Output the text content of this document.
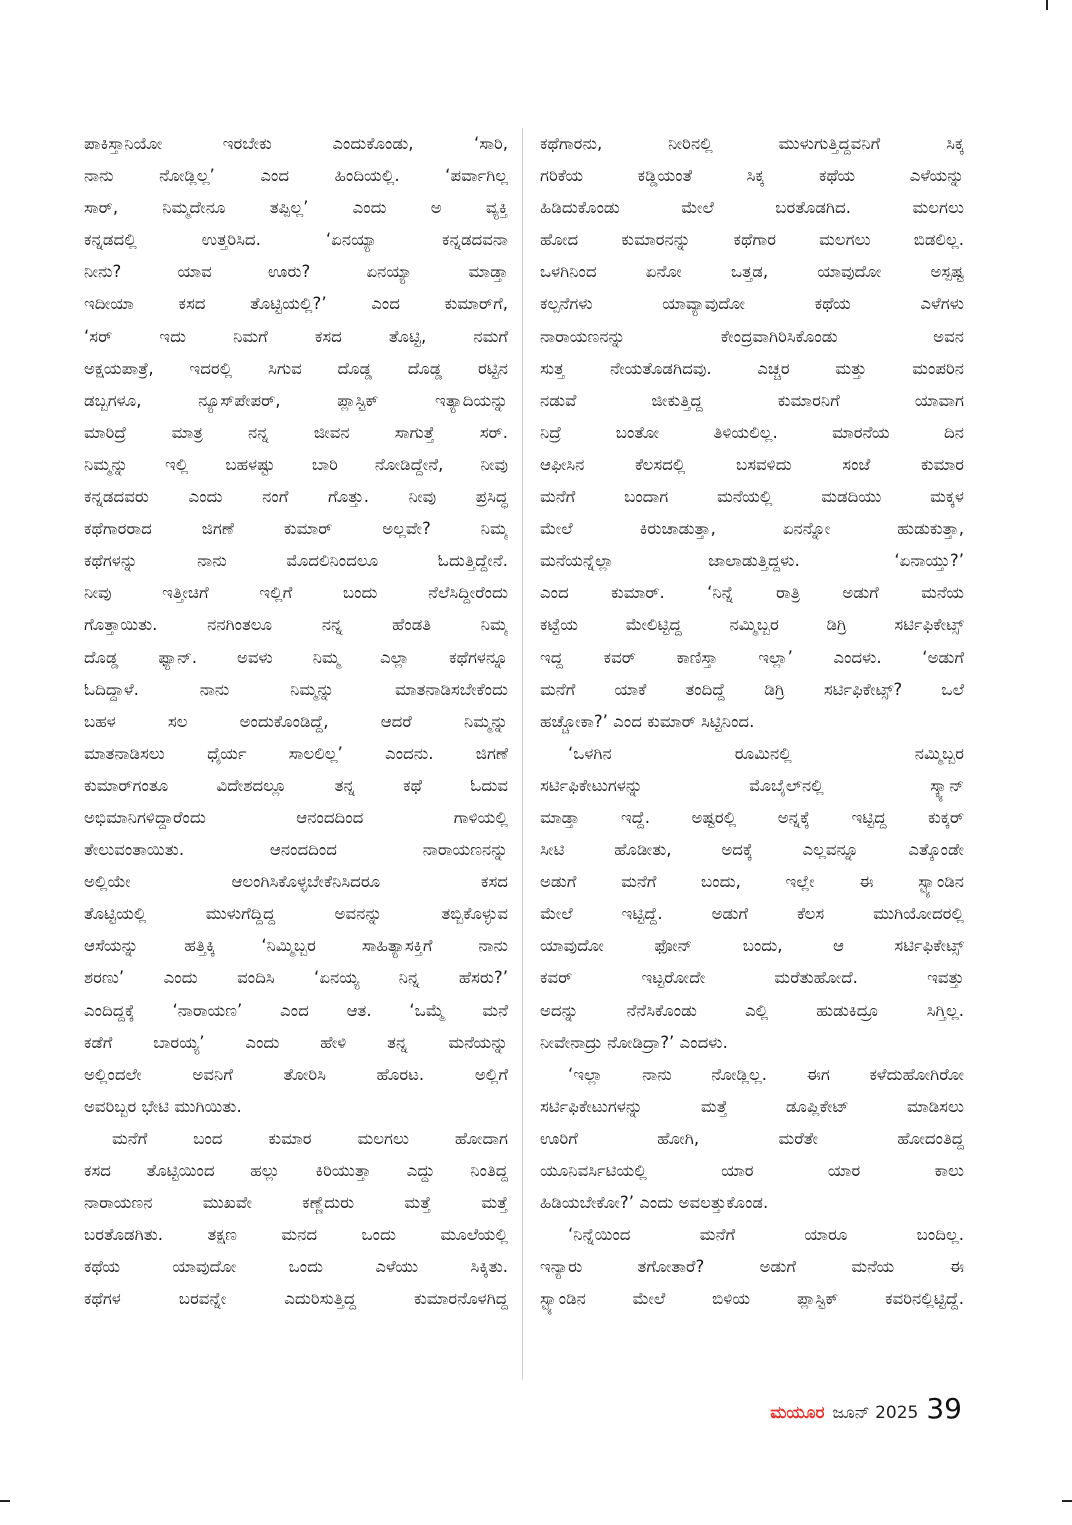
ಪಾಕಿಸ್ತಾನಿಯೋ ಇರಬೇಕು ಎಂದುಕೊಂಡು, ‘ಸಾರಿ,
ನಾನು ನೋಡ್ಲಿಲ್ಲ’ ಎಂದ ಹಿಂದಿಯಲ್ಲಿ. ‘ಪರ್ವಾಗಿಲ್ಲ
ಸಾರ್, ನಿಮ್ಮದೇನೂ ತಪ್ಪಿಲ್ಲ’ ಎಂದು ಅ ವ್ಯಕ್ತಿ
ಕನ್ನಡದಲ್ಲಿ ಉತ್ತರಿಸಿದ. ‘ಏನಯ್ಯಾ ಕನ್ನಡದವನಾ
ನೀನು? ಯಾವ ಊರು? ಏನಯ್ಯಾ ಮಾಡ್ತಾ
ಇದೀಯಾ ಕಸದ ತೊಟ್ಟಿಯಲ್ಲಿ?’ ಎಂದ ಕುಮಾರ್‌ಗೆ,
‘ಸರ್ ಇದು ನಿಮಗೆ ಕಸದ ತೊಟ್ಟಿ, ನಮಗೆ
ಅಕ್ಷಯಪಾತ್ರೆ, ಇದರಲ್ಲಿ ಸಿಗುವ ದೊಡ್ಡ ದೊಡ್ಡ ರಟ್ಟಿನ
ಡಬ್ಬಗಳೂ, ನ್ಯೂಸ್‌ಪೇಪರ್, ಪ್ಲಾಸ್ಟಿಕ್ ಇತ್ಯಾದಿಯನ್ನು
ಮಾರಿದ್ರೆ ಮಾತ್ರ ನನ್ನ ಜೀವನ ಸಾಗುತ್ತೆ ಸರ್.
ನಿಮ್ಮನ್ನು ಇಲ್ಲಿ ಬಹಳಷ್ಟು ಬಾರಿ ನೋಡಿದ್ದೇನೆ, ನೀವು
ಕನ್ನಡದವರು ಎಂದು ನಂಗೆ ಗೊತ್ತು. ನೀವು ಪ್ರಸಿದ್ಧ
ಕಥೆಗಾರರಾದ ಜಿಗಣೆ ಕುಮಾರ್ ಅಲ್ಲವೇ? ನಿಮ್ಮ
ಕಥೆಗಳನ್ನು ನಾನು ಮೊದಲಿನಿಂದಲೂ ಓದುತ್ತಿದ್ದೇನೆ.
ನೀವು ಇತ್ತೀಚಿಗೆ ಇಲ್ಲಿಗೆ ಬಂದು ನೆಲೆಸಿದ್ದೀರೆಂದು
ಗೊತ್ತಾಯಿತು. ನನಗಿಂತಲೂ ನನ್ನ ಹೆಂಡತಿ ನಿಮ್ಮ
ದೊಡ್ಡ ಫ್ಯಾನ್. ಅವಳು ನಿಮ್ಮ ಎಲ್ಲಾ ಕಥೆಗಳನ್ನೂ
ಓದಿದ್ದಾಳೆ. ನಾನು ನಿಮ್ಮನ್ನು ಮಾತನಾಡಿಸಬೇಕೆಂದು
ಬಹಳ ಸಲ ಅಂದುಕೊಂಡಿದ್ದೆ, ಆದರೆ ನಿಮ್ಮನ್ನು
ಮಾತನಾಡಿಸಲು ಧೈರ್ಯ ಸಾಲಲಿಲ್ಲ’ ಎಂದನು. ಜಿಗಣೆ
ಕುಮಾರ್‌ಗಂತೂ ವಿದೇಶದಲ್ಲೂ ತನ್ನ ಕಥೆ ಓದುವ
ಅಭಿಮಾನಿಗಳಿದ್ದಾರೆಂದು ಆನಂದದಿಂದ ಗಾಳಿಯಲ್ಲಿ
ತೇಲುವಂತಾಯಿತು. ಆನಂದದಿಂದ ನಾರಾಯಣನನ್ನು
ಅಲ್ಲಿಯೇ ಆಲಂಗಿಸಿಕೊಳ್ಳಬೇಕೆನಿಸಿದರೂ ಕಸದ
ತೊಟ್ಟಿಯಲ್ಲಿ ಮುಳುಗೆದ್ದಿದ್ದ ಅವನನ್ನು ತಬ್ಬಿಕೊಳ್ಳುವ
ಆಸೆಯನ್ನು ಹತ್ತಿಕ್ಕಿ ‘ನಿಮ್ಮಿಬ್ಬರ ಸಾಹಿತ್ಯಾಸಕ್ತಿಗೆ ನಾನು
ಶರಣು’ ಎಂದು ವಂದಿಸಿ ‘ಏನಯ್ಯ ನಿನ್ನ ಹೆಸರು?’
ಎಂದಿದ್ದಕ್ಕೆ ‘ನಾರಾಯಣ’ ಎಂದ ಆತ. ‘ಒಮ್ಮೆ ಮನೆ
ಕಡೆಗೆ ಬಾರಯ್ಯ’ ಎಂದು ಹೇಳಿ ತನ್ನ ಮನೆಯನ್ನು
ಅಲ್ಲಿಂದಲೇ ಅವನಿಗೆ ತೋರಿಸಿ ಹೊರಟ. ಅಲ್ಲಿಗೆ
ಅವರಿಬ್ಬರ ಭೇಟಿ ಮುಗಿಯಿತು.
ಮನೆಗೆ ಬಂದ ಕುಮಾರ ಮಲಗಲು ಹೋದಾಗ
ಕಸದ ತೊಟ್ಟಿಯಿಂದ ಹಲ್ಲು ಕಿರಿಯುತ್ತಾ ಎದ್ದು ನಿಂತಿದ್ದ
ನಾರಾಯಣನ ಮುಖವೇ ಕಣ್ಣೆದುರು ಮತ್ತೆ ಮತ್ತೆ
ಬರತೊಡಗಿತು. ತಕ್ಷಣ ಮನದ ಒಂದು ಮೂಲೆಯಲ್ಲಿ
ಕಥೆಯ ಯಾವುದೋ ಒಂದು ಎಳೆಯು ಸಿಕ್ಕಿತು.
ಕಥೆಗಳ ಬರವನ್ನೇ ಎದುರಿಸುತ್ತಿದ್ದ ಕುಮಾರನೊಳಗಿದ್ದ
ಕಥೆಗಾರನು, ನೀರಿನಲ್ಲಿ ಮುಳುಗುತ್ತಿದ್ದವನಿಗೆ ಸಿಕ್ಕ
ಗರಿಕೆಯ ಕಡ್ಡಿಯಂತೆ ಸಿಕ್ಕ ಕಥೆಯ ಎಳೆಯನ್ನು
ಹಿಡಿದುಕೊಂಡು ಮೇಲೆ ಬರತೊಡಗಿದ. ಮಲಗಲು
ಹೋದ ಕುಮಾರನನ್ನು ಕಥೆಗಾರ ಮಲಗಲು ಬಿಡಲಿಲ್ಲ.
ಒಳಗಿನಿಂದ ಏನೋ ಒತ್ತಡ, ಯಾವುದೋ ಅಸ್ಪಷ್ಟ
ಕಲ್ಪನೆಗಳು ಯಾವ್ಯಾವುದೋ ಕಥೆಯ ಎಳೆಗಳು
ನಾರಾಯಣನನ್ನು ಕೇಂದ್ರವಾಗಿರಿಸಿಕೊಂಡು ಅವನ
ಸುತ್ತ ನೇಯತೊಡಗಿದವು. ಎಚ್ಚರ ಮತ್ತು ಮಂಪರಿನ
ನಡುವೆ ಜೀಕುತ್ತಿದ್ದ ಕುಮಾರನಿಗೆ ಯಾವಾಗ
ನಿದ್ರೆ ಬಂತೋ ತಿಳಿಯಲಿಲ್ಲ. ಮಾರನೆಯ ದಿನ
ಆಫೀಸಿನ ಕೆಲಸದಲ್ಲಿ ಬಸವಳಿದು ಸಂಜೆ ಕುಮಾರ
ಮನೆಗೆ ಬಂದಾಗ ಮನೆಯಲ್ಲಿ ಮಡದಿಯು ಮಕ್ಕಳ
ಮೇಲೆ ಕಿರುಚಾಡುತ್ತಾ, ಏನನ್ನೋ ಹುಡುಕುತ್ತಾ,
ಮನೆಯನ್ನೆಲ್ಲಾ ಜಾಲಾಡುತ್ತಿದ್ದಳು. ‘ಏನಾಯ್ತು?’
ಎಂದ ಕುಮಾರ್. ‘ನಿನ್ನೆ ರಾತ್ರಿ ಅಡುಗೆ ಮನೆಯ
ಕಟ್ಟೆಯ ಮೇಲಿಟ್ಟಿದ್ದ ನಮ್ಮಿಬ್ಬರ ಡಿಗ್ರಿ ಸರ್ಟಿಫಿಕೇಟ್ಸ್
ಇದ್ದ ಕವರ್ ಕಾಣಿಸ್ತಾ ಇಲ್ಲಾ’ ಎಂದಳು. ‘ಅಡುಗೆ
ಮನೆಗೆ ಯಾಕೆ ತಂದಿದ್ದೆ ಡಿಗ್ರಿ ಸರ್ಟಿಫಿಕೇಟ್ಸ್? ಒಲೆ
ಹಚ್ಚೋಕಾ?’ ಎಂದ ಕುಮಾರ್ ಸಿಟ್ಟಿನಿಂದ.
‘ಒಳಗಿನ ರೂಮಿನಲ್ಲಿ ನಮ್ಮಿಬ್ಬರ
ಸರ್ಟಿಫಿಕೇಟುಗಳನ್ನು ಮೊಬೈಲ್‌ನಲ್ಲಿ ಸ್ಕ್ಯಾನ್
ಮಾಡ್ತಾ ಇದ್ದೆ. ಅಷ್ಟರಲ್ಲಿ ಅನ್ನಕ್ಕೆ ಇಟ್ಟಿದ್ದ ಕುಕ್ಕರ್
ಸೀಟಿ ಹೊಡೀತು, ಅದಕ್ಕೆ ಎಲ್ಲವನ್ನೂ ಎತ್ಕೊಂಡೇ
ಅಡುಗೆ ಮನೆಗೆ ಬಂದು, ಇಲ್ಲೇ ಈ ಸ್ಟ್ಯಾಂಡಿನ
ಮೇಲೆ ಇಟ್ಟಿದ್ದೆ. ಅಡುಗೆ ಕೆಲಸ ಮುಗಿಯೋದರಲ್ಲಿ
ಯಾವುದೋ ಫೋನ್ ಬಂದು, ಆ ಸರ್ಟಿಫಿಕೇಟ್ಸ್
ಕವರ್ ಇಟ್ಟರೋದೇ ಮರೆತುಹೋದೆ. ಇವತ್ತು
ಅದನ್ನು ನೆನೆಸಿಕೊಂಡು ಎಲ್ಲಿ ಹುಡುಕಿದ್ರೂ ಸಿಗ್ತಿಲ್ಲ.
ನೀವೇನಾದ್ರು ನೋಡಿದ್ರಾ?’ ಎಂದಳು.
‘ಇಲ್ಲಾ ನಾನು ನೋಡ್ಲಿಲ್ಲ. ಈಗ ಕಳೆದುಹೋಗಿರೋ
ಸರ್ಟಿಫಿಕೇಟುಗಳನ್ನು ಮತ್ತೆ ಡೂಪ್ಲಿಕೇಟ್ ಮಾಡಿಸಲು
ಊರಿಗೆ ಹೋಗಿ, ಮರೆತೇ ಹೋದಂತಿದ್ದ
ಯೂನಿವರ್ಸಿಟಿಯಲ್ಲಿ ಯಾರ ಯಾರ ಕಾಲು
ಹಿಡಿಯಬೇಕೋ?’ ಎಂದು ಅವಲತ್ತುಕೊಂಡ.
‘ನಿನ್ನೆಯಿಂದ ಮನೆಗೆ ಯಾರೂ ಬಂದಿಲ್ಲ.
ಇನ್ಯಾರು ತಗೋತಾರೆ? ಅಡುಗೆ ಮನೆಯ ಈ
ಸ್ಟ್ಯಾಂಡಿನ ಮೇಲೆ ಬಿಳಿಯ ಪ್ಲಾಸ್ಟಿಕ್ ಕವರಿನಲ್ಲಿಟ್ಟಿದ್ದೆ.
ಮಯೂರ ಜೂನ್ 2025 39
